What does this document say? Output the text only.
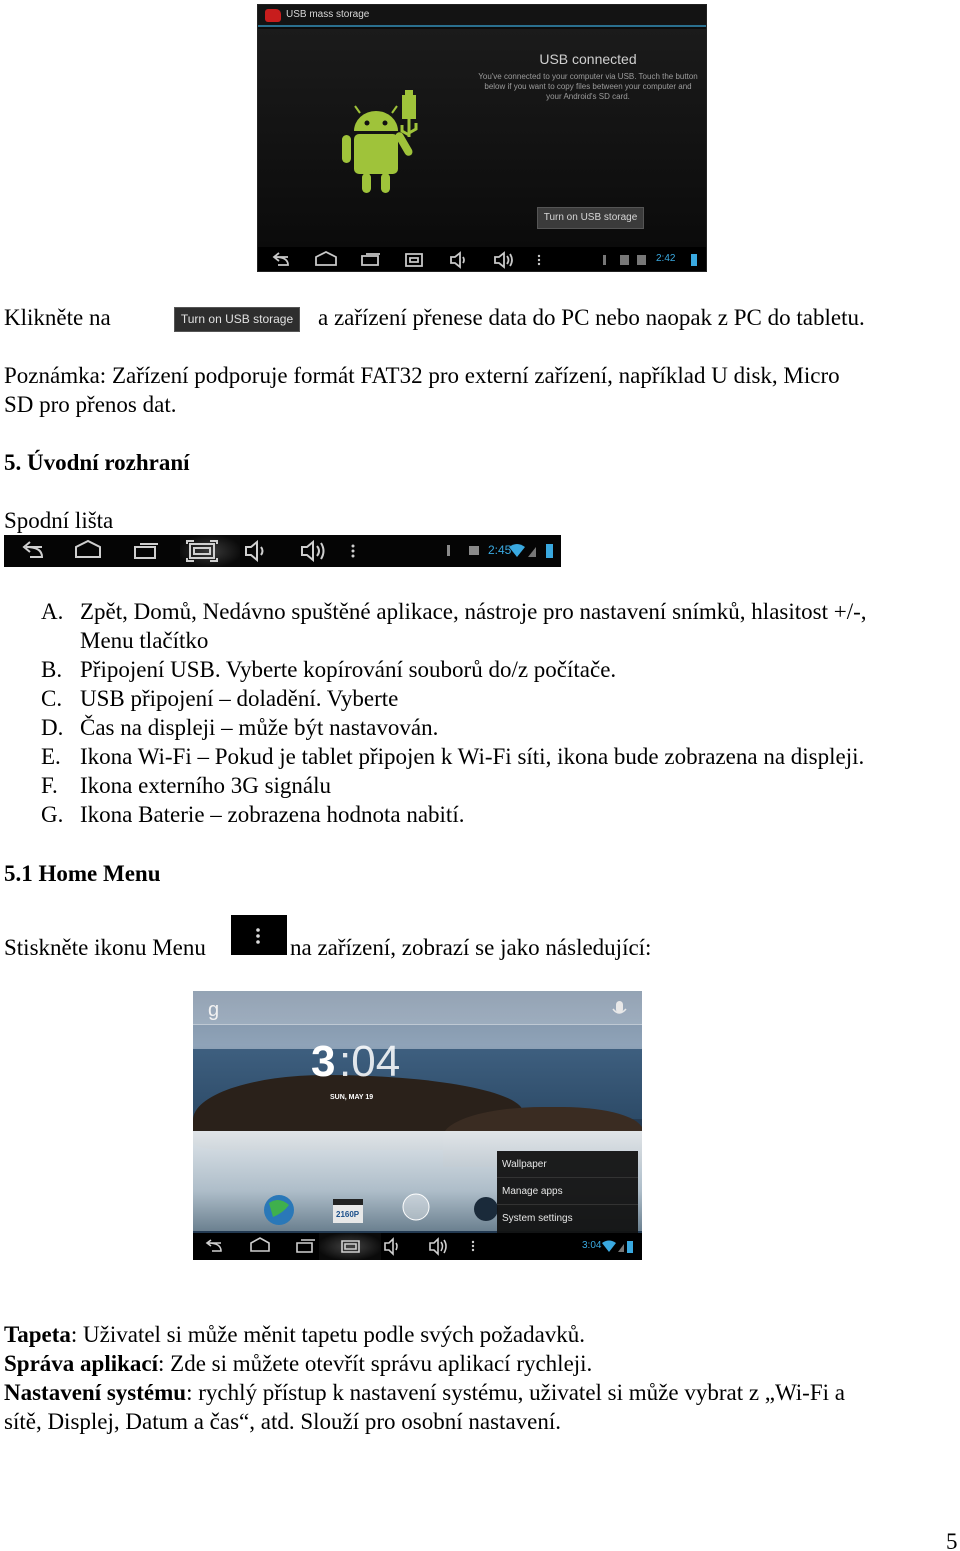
USB mass storage
USB connected
You've connected to your computer via USB. Touch the button below if you want to copy files between your computer and your Android's SD card.
Turn on USB storage
2:42
Klikněte na	Turn on USB storage a zařízení přenese data do PC nebo naopak z PC do tabletu.
Poznámka: Zařízení podporuje formát FAT32 pro externí zařízení, například U disk, Micro
SD pro přenos dat.
5. Úvodní rozhraní
Spodní lišta
2:45
A. Zpět, Domů, Nedávno spuštěné aplikace, nástroje pro nastavení snímků, hlasitost +/-,
Menu tlačítko
B. Připojení USB. Vyberte kopírování souborů do/z počítače.
C. USB připojení – doladění. Vyberte
D. Čas na displeji – může být nastavován.
E. Ikona Wi-Fi – Pokud je tablet připojen k Wi-Fi síti, ikona bude zobrazena na displeji.
F. Ikona externího 3G signálu
G. Ikona Baterie – zobrazena hodnota nabití.
5.1 Home Menu
Stiskněte ikonu Menu	na zařízení, zobrazí se jako následující:
g
3 :04
SUN, MAY 19
2160P
Wallpaper
Manage apps
System settings
3:04
Tapeta: Uživatel si může měnit tapetu podle svých požadavků.
Správa aplikací: Zde si můžete otevřít správu aplikací rychleji.
Nastavení systému: rychlý přístup k nastavení systému, uživatel si může vybrat z „Wi-Fi a
sítě, Displej, Datum a čas“, atd. Slouží pro osobní nastavení.
5
